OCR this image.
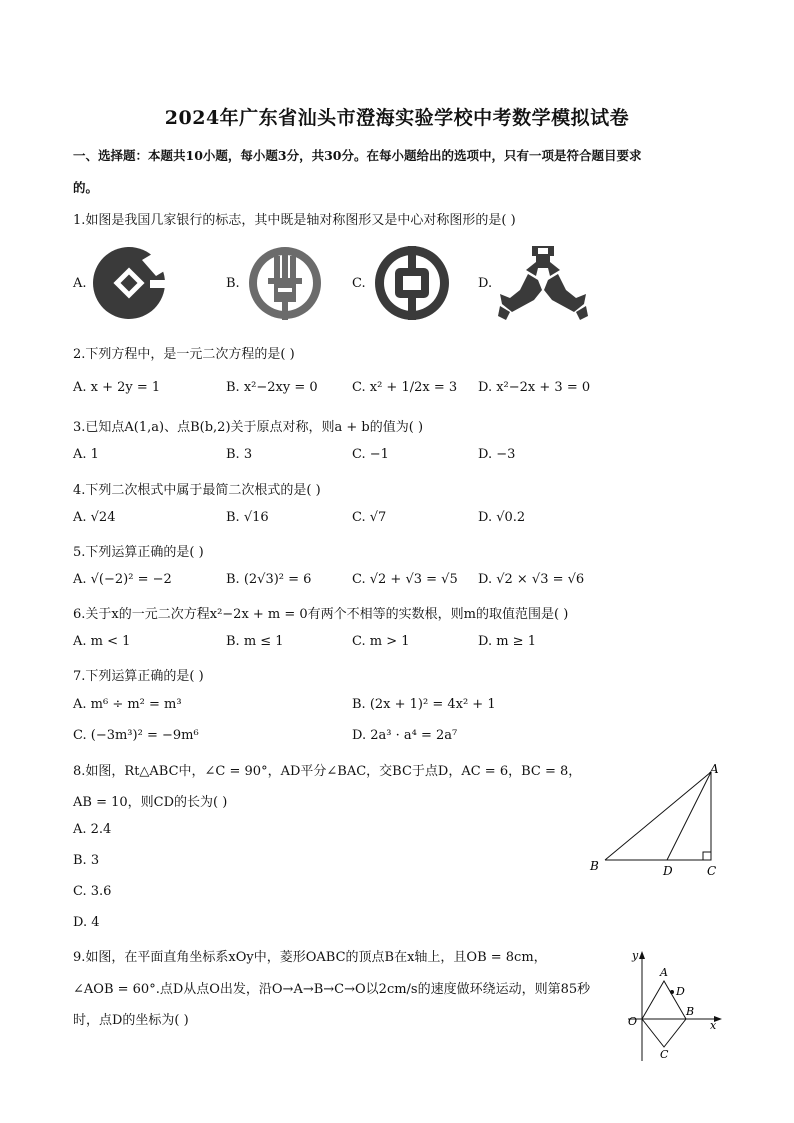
2024年广东省汕头市澄海实验学校中考数学模拟试卷
一、选择题：本题共10小题，每小题3分，共30分。在每小题给出的选项中，只有一项是符合题目要求
的。
1.如图是我国几家银行的标志，其中既是轴对称图形又是中心对称图形的是( )
A.	B.	C.	D.
2.下列方程中，是一元二次方程的是( )
A. x + 2y = 1	B. x²−2xy = 0	C. x² + 1/2x = 3 D. x²−2x + 3 = 0
3.已知点A(1,a)、点B(b,2)关于原点对称，则a + b的值为( )
A. 1	B. 3	C. −1	D. −3
4.下列二次根式中属于最简二次根式的是( )
A. √24	B. √16	C. √7	D. √0.2
5.下列运算正确的是( )
A. √(−2)² = −2	B. (2√3)² = 6	C. √2 + √3 = √5 D. √2 × √3 = √6
6.关于x的一元二次方程x²−2x + m = 0有两个不相等的实数根，则m的取值范围是( )
A. m < 1	B. m ≤ 1	C. m > 1	D. m ≥ 1
7.下列运算正确的是( )
A. m⁶ ÷ m² = m³	B. (2x + 1)² = 4x² + 1
C. (−3m³)² = −9m⁶	D. 2a³ · a⁴ = 2a⁷
8.如图，Rt△ABC中，∠C = 90°，AD平分∠BAC，交BC于点D，AC = 6，BC = 8，
AB = 10，则CD的长为( )
A. 2.4
B. 3
C. 3.6
D. 4
A
B	D	C
9.如图，在平面直角坐标系xOy中，菱形OABC的顶点B在x轴上，且OB = 8cm，
∠AOB = 60°.点D从点O出发，沿O→A→B→C→O以2cm/s的速度做环绕运动，则第85秒
时，点D的坐标为( )
y
A
D
O
B
x
C
